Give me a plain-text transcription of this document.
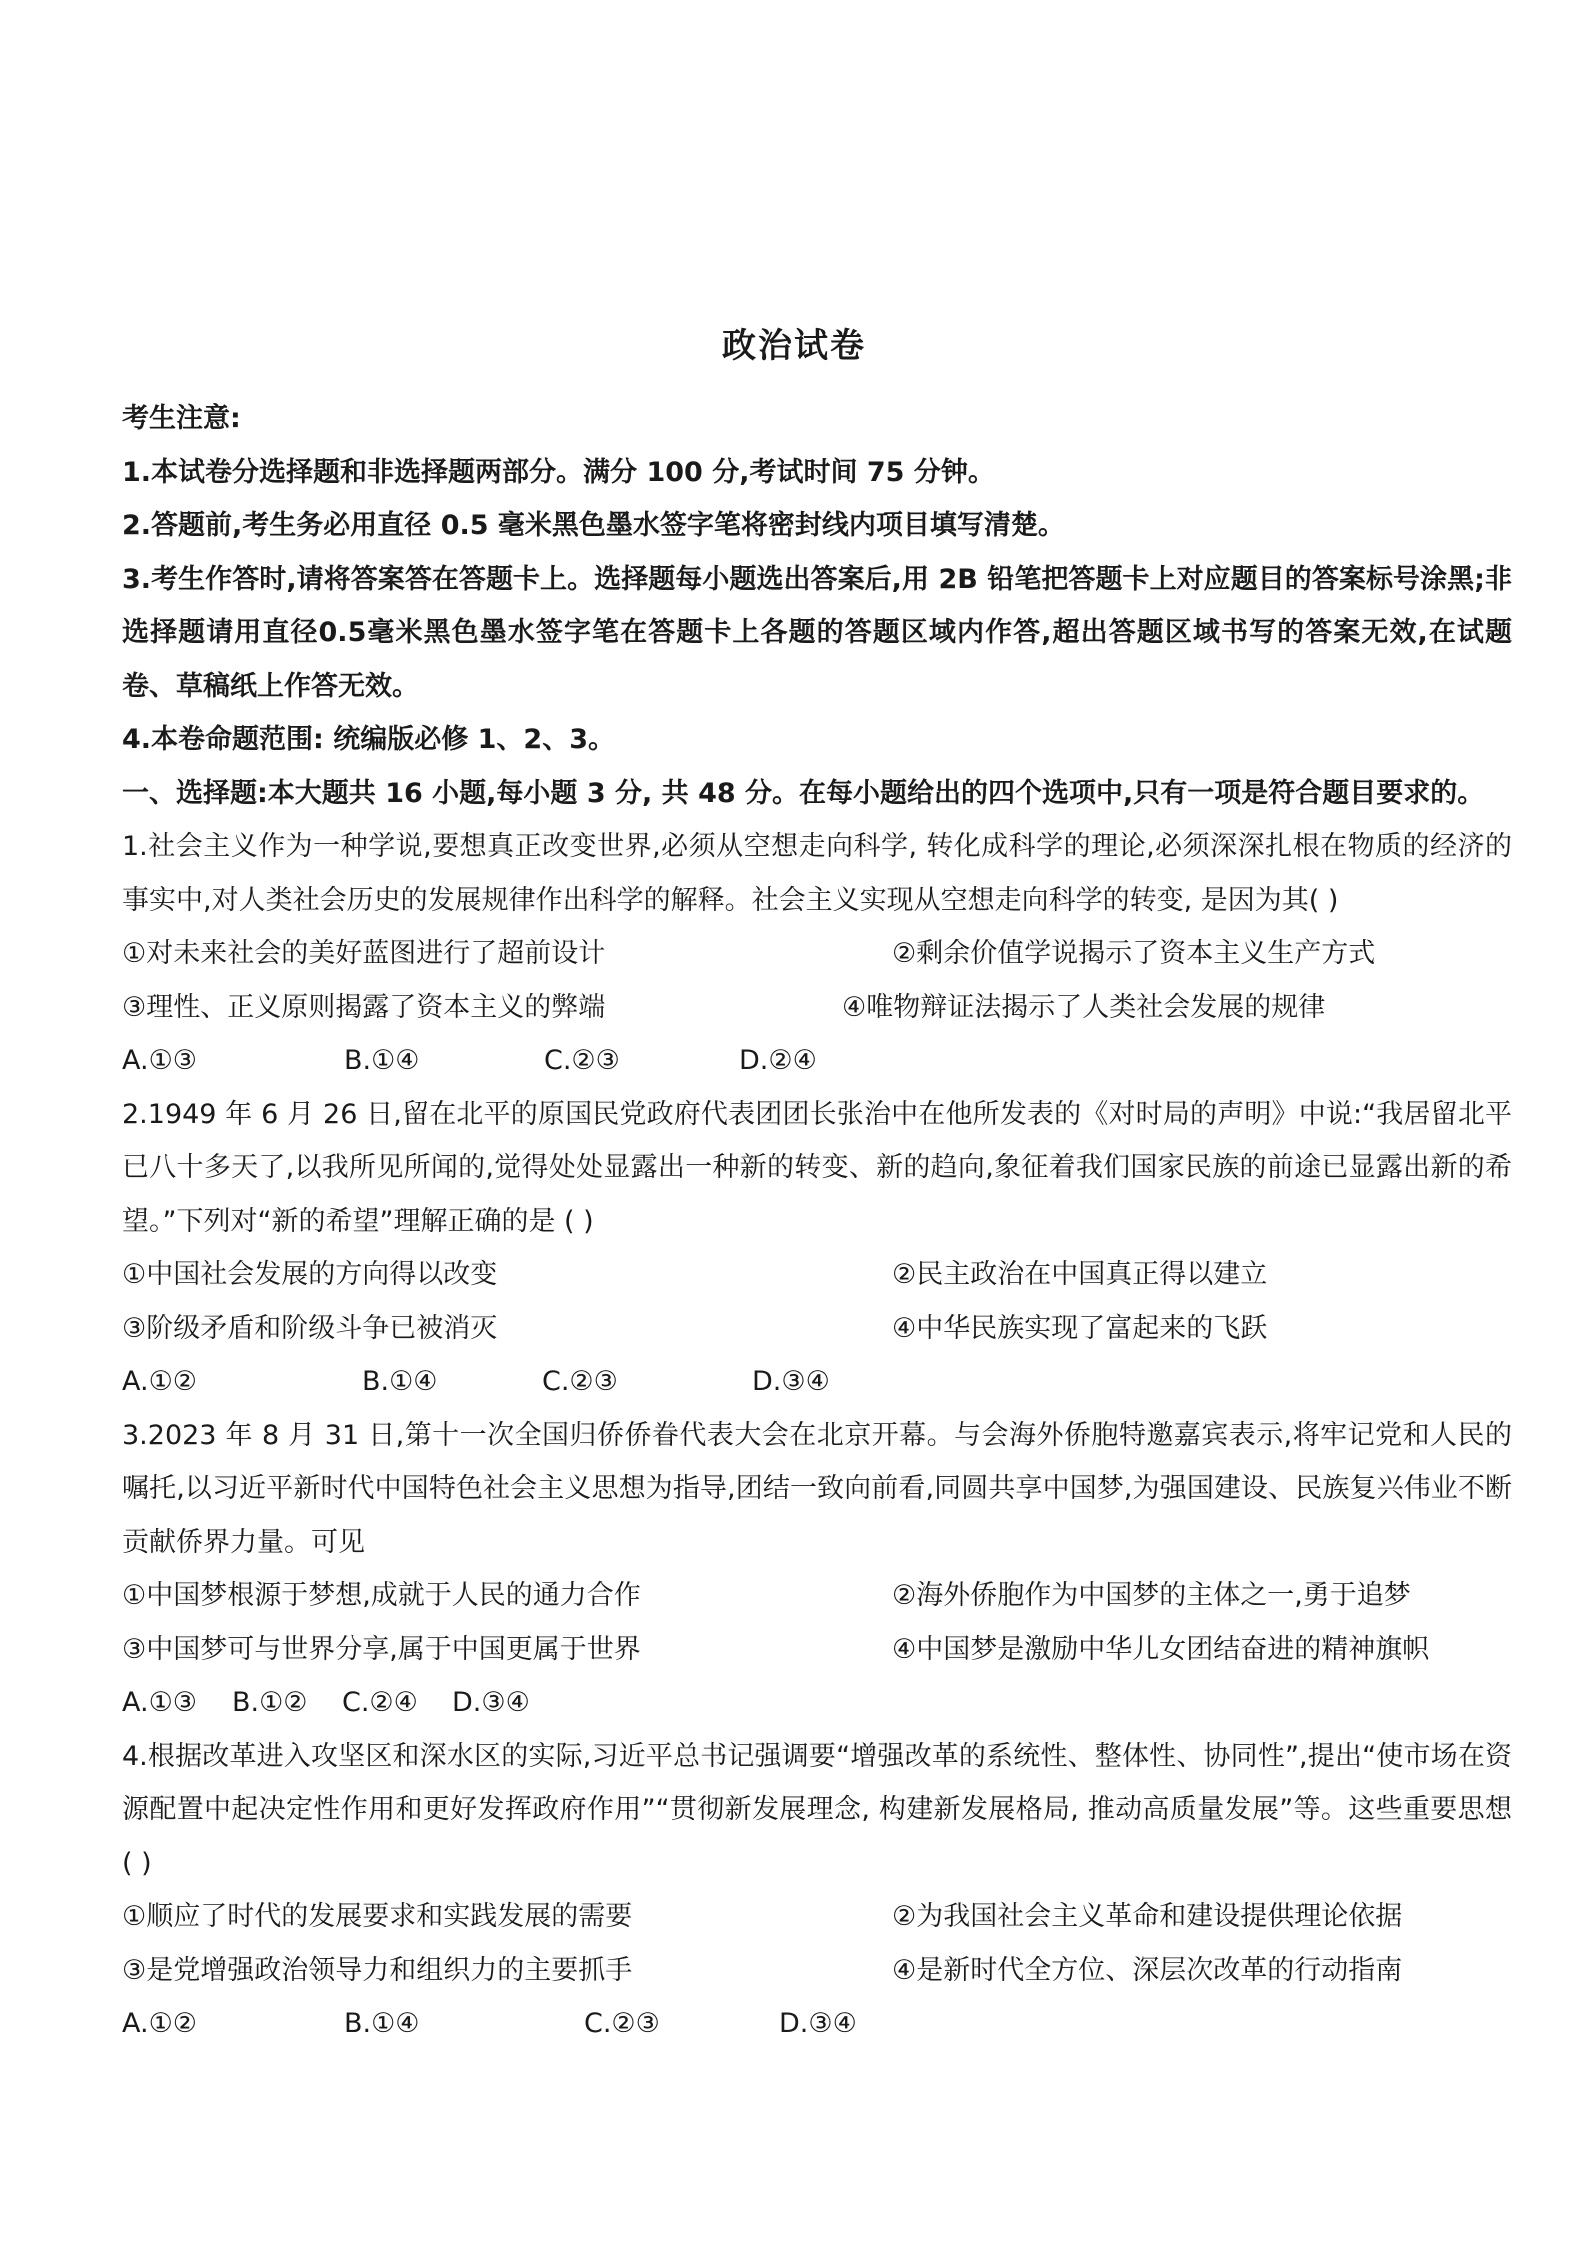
政治试卷
考生注意:
1.本试卷分选择题和非选择题两部分。满分 100 分,考试时间 75 分钟。
2.答题前,考生务必用直径 0.5 毫米黑色墨水签字笔将密封线内项目填写清楚。
3.考生作答时,请将答案答在答题卡上。选择题每小题选出答案后,用 2B 铅笔把答题卡上对应题目的答案标号涂黑;非选择题请用直径0.5毫米黑色墨水签字笔在答题卡上各题的答题区域内作答,超出答题区域书写的答案无效,在试题卷、草稿纸上作答无效。
4.本卷命题范围: 统编版必修 1、2、3。
一、选择题:本大题共 16 小题,每小题 3 分, 共 48 分。在每小题给出的四个选项中,只有一项是符合题目要求的。
1.社会主义作为一种学说,要想真正改变世界,必须从空想走向科学, 转化成科学的理论,必须深深扎根在物质的经济的事实中,对人类社会历史的发展规律作出科学的解释。社会主义实现从空想走向科学的转变, 是因为其( )
①对未来社会的美好蓝图进行了超前设计	②剩余价值学说揭示了资本主义生产方式
③理性、正义原则揭露了资本主义的弊端	④唯物辩证法揭示了人类社会发展的规律
A.①③	B.①④	C.②③	D.②④
2.1949 年 6 月 26 日,留在北平的原国民党政府代表团团长张治中在他所发表的《对时局的声明》中说:“我居留北平已八十多天了,以我所见所闻的,觉得处处显露出一种新的转变、新的趋向,象征着我们国家民族的前途已显露出新的希望。”下列对“新的希望”理解正确的是 ( )
①中国社会发展的方向得以改变	②民主政治在中国真正得以建立
③阶级矛盾和阶级斗争已被消灭	④中华民族实现了富起来的飞跃
A.①②	B.①④	C.②③	D.③④
3.2023 年 8 月 31 日,第十一次全国归侨侨眷代表大会在北京开幕。与会海外侨胞特邀嘉宾表示,将牢记党和人民的嘱托,以习近平新时代中国特色社会主义思想为指导,团结一致向前看,同圆共享中国梦,为强国建设、民族复兴伟业不断贡献侨界力量。可见
①中国梦根源于梦想,成就于人民的通力合作	②海外侨胞作为中国梦的主体之一,勇于追梦
③中国梦可与世界分享,属于中国更属于世界	④中国梦是激励中华儿女团结奋进的精神旗帜
A.①③	B.①②	C.②④	D.③④
4.根据改革进入攻坚区和深水区的实际,习近平总书记强调要“增强改革的系统性、整体性、协同性”,提出“使市场在资源配置中起决定性作用和更好发挥政府作用”“贯彻新发展理念, 构建新发展格局, 推动高质量发展”等。这些重要思想 ( )
①顺应了时代的发展要求和实践发展的需要	②为我国社会主义革命和建设提供理论依据
③是党增强政治领导力和组织力的主要抓手	④是新时代全方位、深层次改革的行动指南
A.①②	B.①④	C.②③	D.③④
